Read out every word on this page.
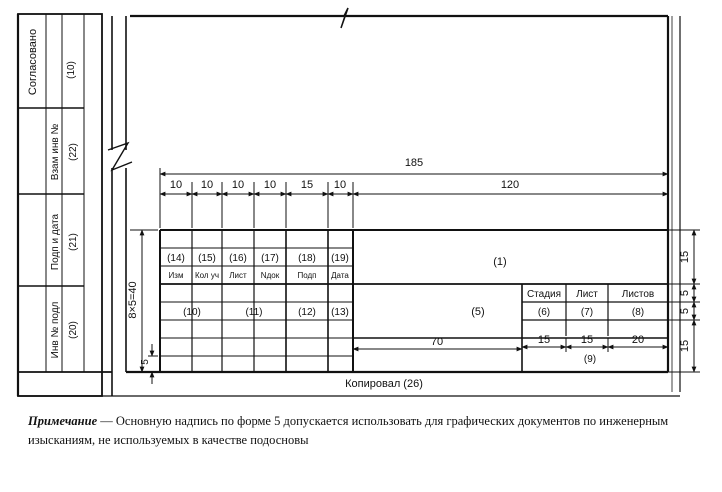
Согласовано	(10)
Взам инв № (22)
Подп и дата (21)
Инв № подл (20)
185
10 10 10 10 15 10	120
8×5=40
5
15
5
5
15
70	15	15	20
(14) (15) (16) (17) (18) (19)
Изм Кол уч Лист Nдок Подп Дата
(1)
(10)	(11)	(12) (13)	(5)
Стадия Лист Листов
(6)	(7)	(8)
(9)
Копировал (26)
Примечание — Основную надпись по форме 5 допускается использовать для графических документов по инженерным изысканиям, не используемых в качестве подосновы
